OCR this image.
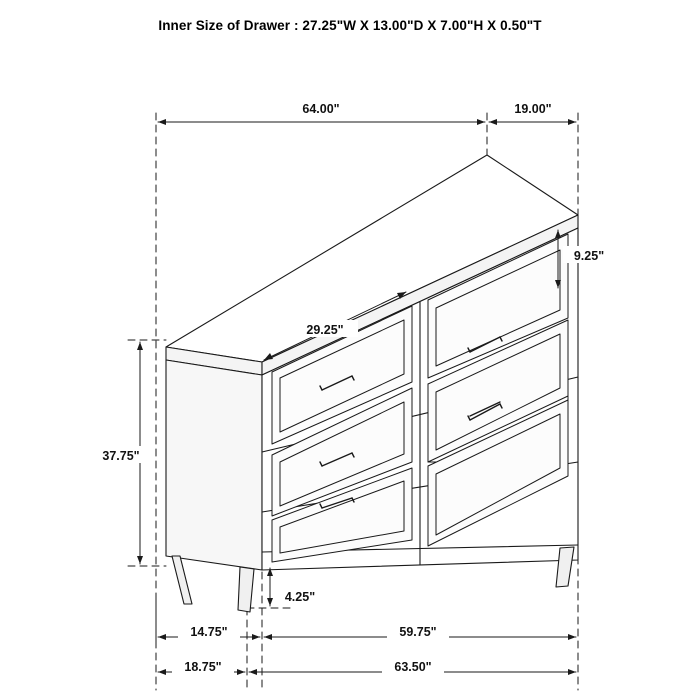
Inner Size of Drawer : 27.25"W X 13.00"D X 7.00"H X 0.50"T
64.00"	19.00"
29.25"
9.25"
37.75"
4.25"
14.75"	59.75"
18.75"	63.50"
